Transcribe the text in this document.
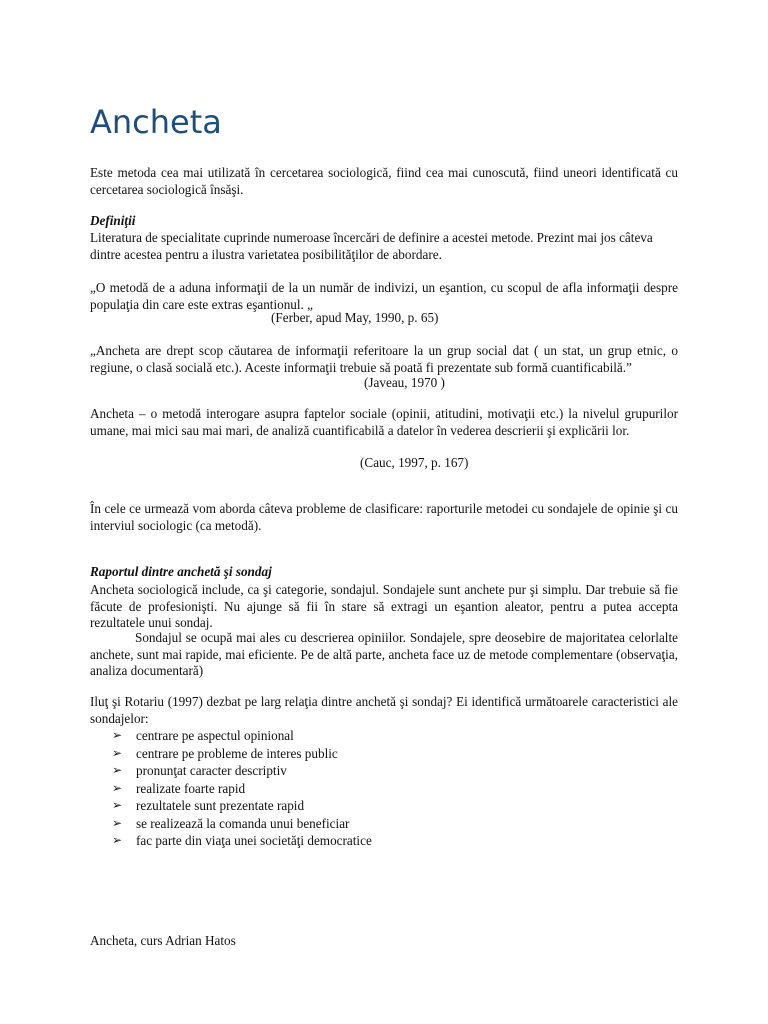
Ancheta

Este metoda cea mai utilizată în cercetarea sociologică, fiind cea mai cunoscută, fiind uneori identificată cu cercetarea sociologică însăşi.

Definiţii

Literatura de specialitate cuprinde numeroase încercări de definire a acestei metode. Prezint mai jos câteva dintre acestea pentru a ilustra varietatea posibilităţilor de abordare.

„O metodă de a aduna informaţii de la un număr de indivizi, un eşantion, cu scopul de afla informaţii despre populaţia din care este extras eşantionul. „

(Ferber, apud May, 1990, p. 65)

„Ancheta are drept scop căutarea de informaţii referitoare la un grup social dat ( un stat, un grup etnic, o regiune, o clasă socială etc.). Aceste informaţii trebuie să poată fi prezentate sub formă cuantificabilă.”

(Javeau, 1970 )

Ancheta – o metodă interogare asupra faptelor sociale (opinii, atitudini, motivaţii etc.) la nivelul grupurilor umane, mai mici sau mai mari, de analiză cuantificabilă a datelor în vederea descrierii şi explicării lor.

(Cauc, 1997, p. 167)

În cele ce urmează vom aborda câteva probleme de clasificare: raporturile metodei cu sondajele de opinie şi cu interviul sociologic (ca metodă).

Raportul dintre anchetă şi sondaj

Ancheta sociologică include, ca şi categorie, sondajul. Sondajele sunt anchete pur şi simplu. Dar trebuie să fie făcute de profesionişti. Nu ajunge să fii în stare să extragi un eşantion aleator, pentru a putea accepta rezultatele unui sondaj.

Sondajul se ocupă mai ales cu descrierea opiniilor. Sondajele, spre deosebire de majoritatea celorlalte anchete, sunt mai rapide, mai eficiente. Pe de altă parte, ancheta face uz de metode complementare (observaţia, analiza documentară)

Iluţ şi Rotariu (1997) dezbat pe larg relaţia dintre anchetă şi sondaj? Ei identifică următoarele caracteristici ale sondajelor:

➢ centrare pe aspectul opinional
➢ centrare pe probleme de interes public
➢ pronunţat caracter descriptiv
➢ realizate foarte rapid
➢ rezultatele sunt prezentate rapid
➢ se realizează la comanda unui beneficiar
➢ fac parte din viaţa unei societăţi democratice
Ancheta, curs Adrian Hatos
